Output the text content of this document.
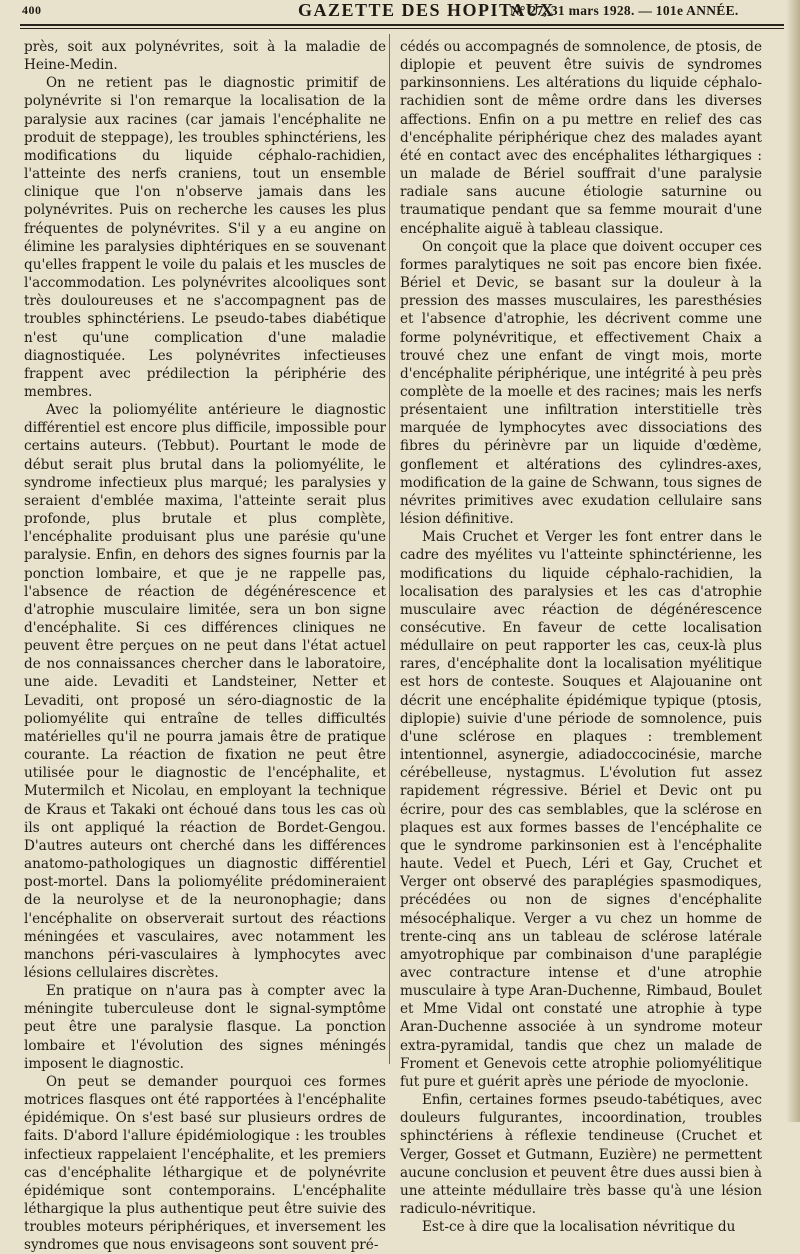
400	GAZETTE DES HOPITAUX
N° 27, 31 mars 1928. — 101e ANNÉE.

près, soit aux polynévrites, soit à la maladie de Heine-Medin.

On ne retient pas le diagnostic primitif de polynévrite si l'on remarque la localisation de la paralysie aux racines (car jamais l'encéphalite ne produit de steppage), les troubles sphinctériens, les modifications du liquide céphalo-rachidien, l'atteinte des nerfs craniens, tout un ensemble clinique que l'on n'observe jamais dans les polynévrites. Puis on recherche les causes les plus fréquentes de polynévrites. S'il y a eu angine on élimine les paralysies diphtériques en se souvenant qu'elles frappent le voile du palais et les muscles de l'accommodation. Les polynévrites alcooliques sont très douloureuses et ne s'accompagnent pas de troubles sphinctériens. Le pseudo-tabes diabétique n'est qu'une complication d'une maladie diagnostiquée. Les polynévrites infectieuses frappent avec prédilection la périphérie des membres.

Avec la poliomyélite antérieure le diagnostic différentiel est encore plus difficile, impossible pour certains auteurs. (Tebbut). Pourtant le mode de début serait plus brutal dans la poliomyélite, le syndrome infectieux plus marqué; les paralysies y seraient d'emblée maxima, l'atteinte serait plus profonde, plus brutale et plus complète, l'encéphalite produisant plus une parésie qu'une paralysie. Enfin, en dehors des signes fournis par la ponction lombaire, et que je ne rappelle pas, l'absence de réaction de dégénérescence et d'atrophie musculaire limitée, sera un bon signe d'encéphalite. Si ces différences cliniques ne peuvent être perçues on ne peut dans l'état actuel de nos connaissances chercher dans le laboratoire, une aide. Levaditi et Landsteiner, Netter et Levaditi, ont proposé un séro-diagnostic de la poliomyélite qui entraîne de telles difficultés matérielles qu'il ne pourra jamais être de pratique courante. La réaction de fixation ne peut être utilisée pour le diagnostic de l'encéphalite, et Mutermilch et Nicolau, en employant la technique de Kraus et Takaki ont échoué dans tous les cas où ils ont appliqué la réaction de Bordet-Gengou. D'autres auteurs ont cherché dans les différences anatomo-pathologiques un diagnostic différentiel post-mortel. Dans la poliomyélite prédomineraient de la neurolyse et de la neuronophagie; dans l'encéphalite on observerait surtout des réactions méningées et vasculaires, avec notamment les manchons péri-vasculaires à lymphocytes avec lésions cellulaires discrètes.

En pratique on n'aura pas à compter avec la méningite tuberculeuse dont le signal-symptôme peut être une paralysie flasque. La ponction lombaire et l'évolution des signes méningés imposent le diagnostic.

On peut se demander pourquoi ces formes motrices flasques ont été rapportées à l'encéphalite épidémique. On s'est basé sur plusieurs ordres de faits. D'abord l'allure épidémiologique : les troubles infectieux rappelaient l'encéphalite, et les premiers cas d'encéphalite léthargique et de polynévrite épidémique sont contemporains. L'encéphalite léthargique la plus authentique peut être suivie des troubles moteurs périphériques, et inversement les syndromes que nous envisageons sont souvent pré-

cédés ou accompagnés de somnolence, de ptosis, de diplopie et peuvent être suivis de syndromes parkinsonniens. Les altérations du liquide céphalo-rachidien sont de même ordre dans les diverses affections. Enfin on a pu mettre en relief des cas d'encéphalite périphérique chez des malades ayant été en contact avec des encéphalites léthargiques : un malade de Bériel souffrait d'une paralysie radiale sans aucune étiologie saturnine ou traumatique pendant que sa femme mourait d'une encéphalite aiguë à tableau classique.

On conçoit que la place que doivent occuper ces formes paralytiques ne soit pas encore bien fixée. Bériel et Devic, se basant sur la douleur à la pression des masses musculaires, les paresthésies et l'absence d'atrophie, les décrivent comme une forme polynévritique, et effectivement Chaix a trouvé chez une enfant de vingt mois, morte d'encéphalite périphérique, une intégrité à peu près complète de la moelle et des racines; mais les nerfs présentaient une infiltration interstitielle très marquée de lymphocytes avec dissociations des fibres du périnèvre par un liquide d'œdème, gonflement et altérations des cylindres-axes, modification de la gaine de Schwann, tous signes de névrites primitives avec exudation cellulaire sans lésion définitive.

Mais Cruchet et Verger les font entrer dans le cadre des myélites vu l'atteinte sphinctérienne, les modifications du liquide céphalo-rachidien, la localisation des paralysies et les cas d'atrophie musculaire avec réaction de dégénérescence consécutive. En faveur de cette localisation médullaire on peut rapporter les cas, ceux-là plus rares, d'encéphalite dont la localisation myélitique est hors de conteste. Souques et Alajouanine ont décrit une encéphalite épidémique typique (ptosis, diplopie) suivie d'une période de somnolence, puis d'une sclérose en plaques : tremblement intentionnel, asynergie, adiadoccocinésie, marche cérébelleuse, nystagmus. L'évolution fut assez rapidement régressive. Bériel et Devic ont pu écrire, pour des cas semblables, que la sclérose en plaques est aux formes basses de l'encéphalite ce que le syndrome parkinsonien est à l'encéphalite haute. Vedel et Puech, Léri et Gay, Cruchet et Verger ont observé des paraplégies spasmodiques, précédées ou non de signes d'encéphalite mésocéphalique. Verger a vu chez un homme de trente-cinq ans un tableau de sclérose latérale amyotrophique par combinaison d'une paraplégie avec contracture intense et d'une atrophie musculaire à type Aran-Duchenne, Rimbaud, Boulet et Mme Vidal ont constaté une atrophie à type Aran-Duchenne associée à un syndrome moteur extra-pyramidal, tandis que chez un malade de Froment et Genevois cette atrophie poliomyélitique fut pure et guérit après une période de myoclonie.

Enfin, certaines formes pseudo-tabétiques, avec douleurs fulgurantes, incoordination, troubles sphinctériens à réflexie tendineuse (Cruchet et Verger, Gosset et Gutmann, Euzière) ne permettent aucune conclusion et peuvent être dues aussi bien à une atteinte médullaire très basse qu'à une lésion radiculo-névritique.

Est-ce à dire que la localisation névritique du
